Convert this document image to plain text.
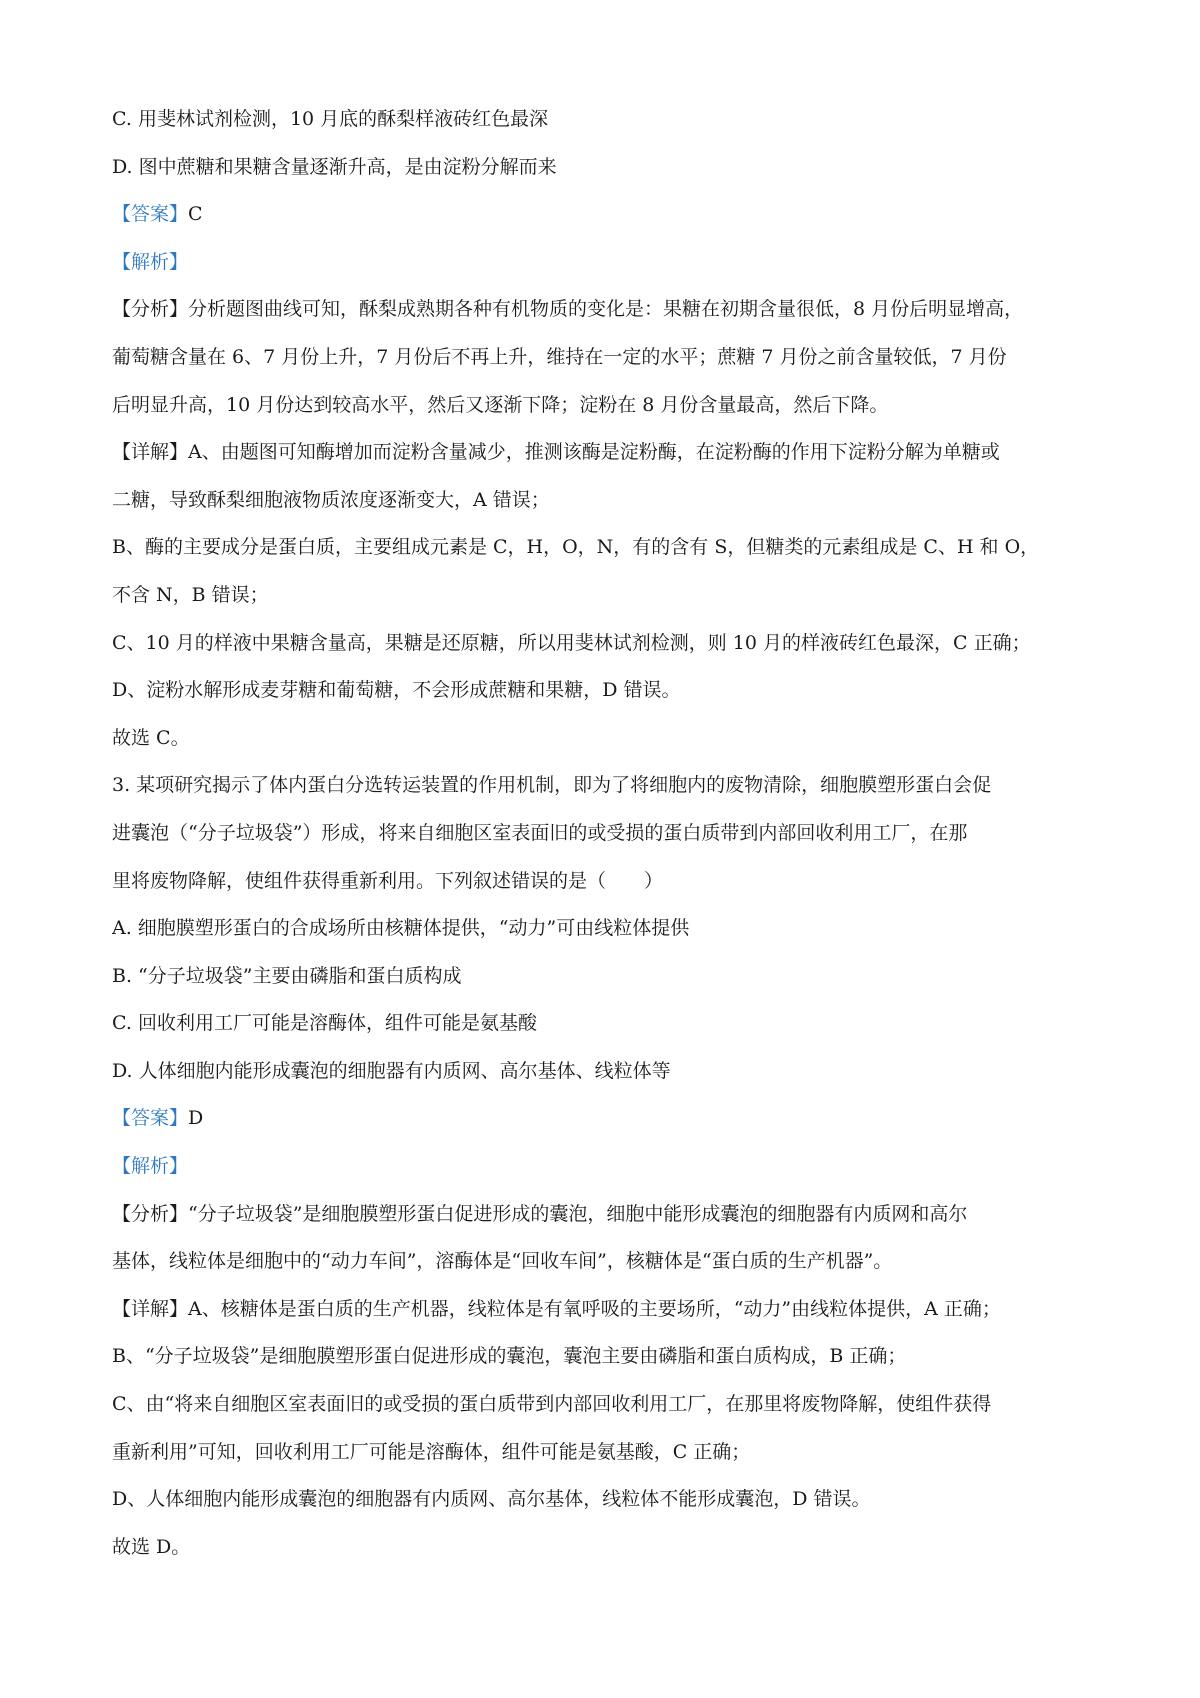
C. 用斐林试剂检测，10 月底的酥梨样液砖红色最深
D. 图中蔗糖和果糖含量逐渐升高，是由淀粉分解而来
【答案】C
【解析】
【分析】分析题图曲线可知，酥梨成熟期各种有机物质的变化是：果糖在初期含量很低，8 月份后明显增高，
葡萄糖含量在 6、7 月份上升，7 月份后不再上升，维持在一定的水平；蔗糖 7 月份之前含量较低，7 月份
后明显升高，10 月份达到较高水平，然后又逐渐下降；淀粉在 8 月份含量最高，然后下降。
【详解】A、由题图可知酶增加而淀粉含量减少，推测该酶是淀粉酶，在淀粉酶的作用下淀粉分解为单糖或
二糖，导致酥梨细胞液物质浓度逐渐变大，A 错误；
B、酶的主要成分是蛋白质，主要组成元素是 C，H，O，N，有的含有 S，但糖类的元素组成是 C、H 和 O，
不含 N，B 错误；
C、10 月的样液中果糖含量高，果糖是还原糖，所以用斐林试剂检测，则 10 月的样液砖红色最深，C 正确；
D、淀粉水解形成麦芽糖和葡萄糖，不会形成蔗糖和果糖，D 错误。
故选 C。
3. 某项研究揭示了体内蛋白分选转运装置的作用机制，即为了将细胞内的废物清除，细胞膜塑形蛋白会促
进囊泡（“分子垃圾袋”）形成，将来自细胞区室表面旧的或受损的蛋白质带到内部回收利用工厂，在那
里将废物降解，使组件获得重新利用。下列叙述错误的是（　　）
A. 细胞膜塑形蛋白的合成场所由核糖体提供，“动力”可由线粒体提供
B. “分子垃圾袋”主要由磷脂和蛋白质构成
C. 回收利用工厂可能是溶酶体，组件可能是氨基酸
D. 人体细胞内能形成囊泡的细胞器有内质网、高尔基体、线粒体等
【答案】D
【解析】
【分析】“分子垃圾袋”是细胞膜塑形蛋白促进形成的囊泡，细胞中能形成囊泡的细胞器有内质网和高尔
基体，线粒体是细胞中的“动力车间”，溶酶体是“回收车间”，核糖体是“蛋白质的生产机器”。
【详解】A、核糖体是蛋白质的生产机器，线粒体是有氧呼吸的主要场所，“动力”由线粒体提供，A 正确；
B、“分子垃圾袋”是细胞膜塑形蛋白促进形成的囊泡，囊泡主要由磷脂和蛋白质构成，B 正确；
C、由“将来自细胞区室表面旧的或受损的蛋白质带到内部回收利用工厂，在那里将废物降解，使组件获得
重新利用”可知，回收利用工厂可能是溶酶体，组件可能是氨基酸，C 正确；
D、人体细胞内能形成囊泡的细胞器有内质网、高尔基体，线粒体不能形成囊泡，D 错误。
故选 D。
